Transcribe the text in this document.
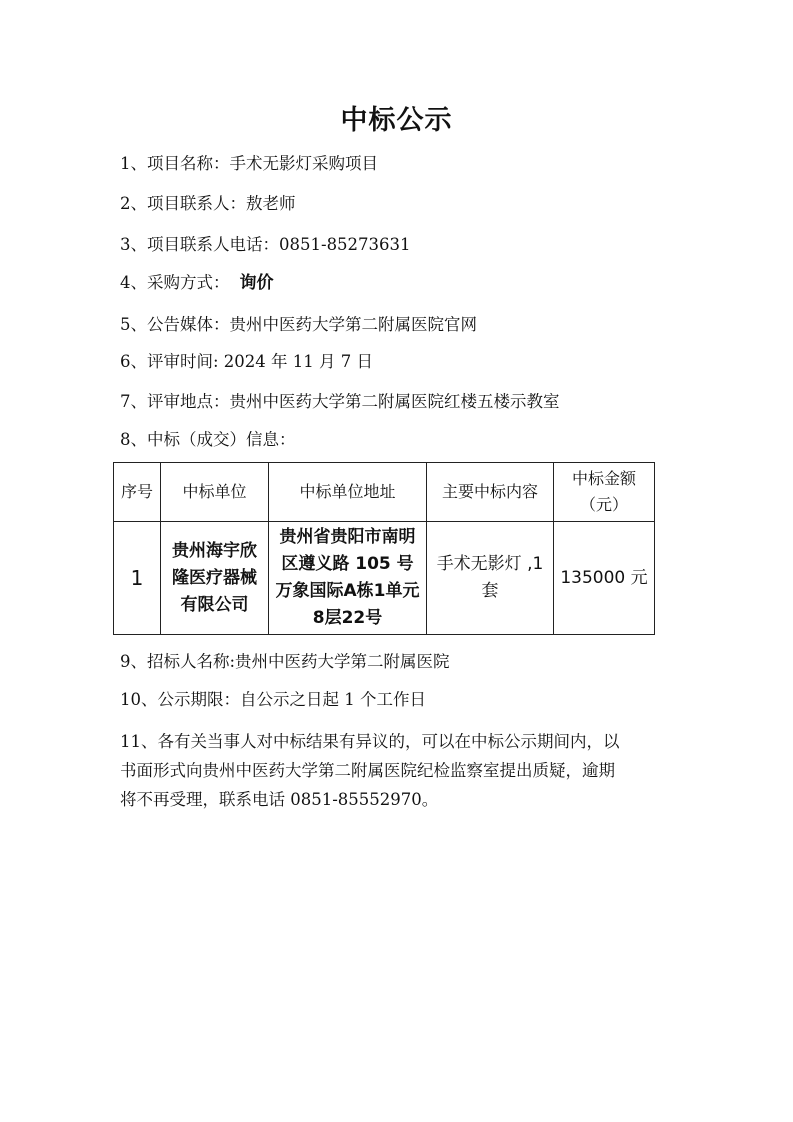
中标公示
1、项目名称：手术无影灯采购项目
2、项目联系人：敖老师
3、项目联系人电话：0851-85273631
4、采购方式： 询价
5、公告媒体：贵州中医药大学第二附属医院官网
6、评审时间: 2024 年 11 月 7 日
7、评审地点：贵州中医药大学第二附属医院红楼五楼示教室
8、中标（成交）信息：
序号	中标单位	中标单位地址	主要中标内容	中标金额（元）
1	贵州海宇欣隆医疗器械有限公司	贵州省贵阳市南明区遵义路 105 号万象国际A栋1单元8层22号	手术无影灯 ,1 套	135000 元
9、招标人名称:贵州中医药大学第二附属医院
10、公示期限：自公示之日起 1 个工作日
11、各有关当事人对中标结果有异议的，可以在中标公示期间内，以
书面形式向贵州中医药大学第二附属医院纪检监察室提出质疑，逾期
将不再受理，联系电话 0851-85552970。
